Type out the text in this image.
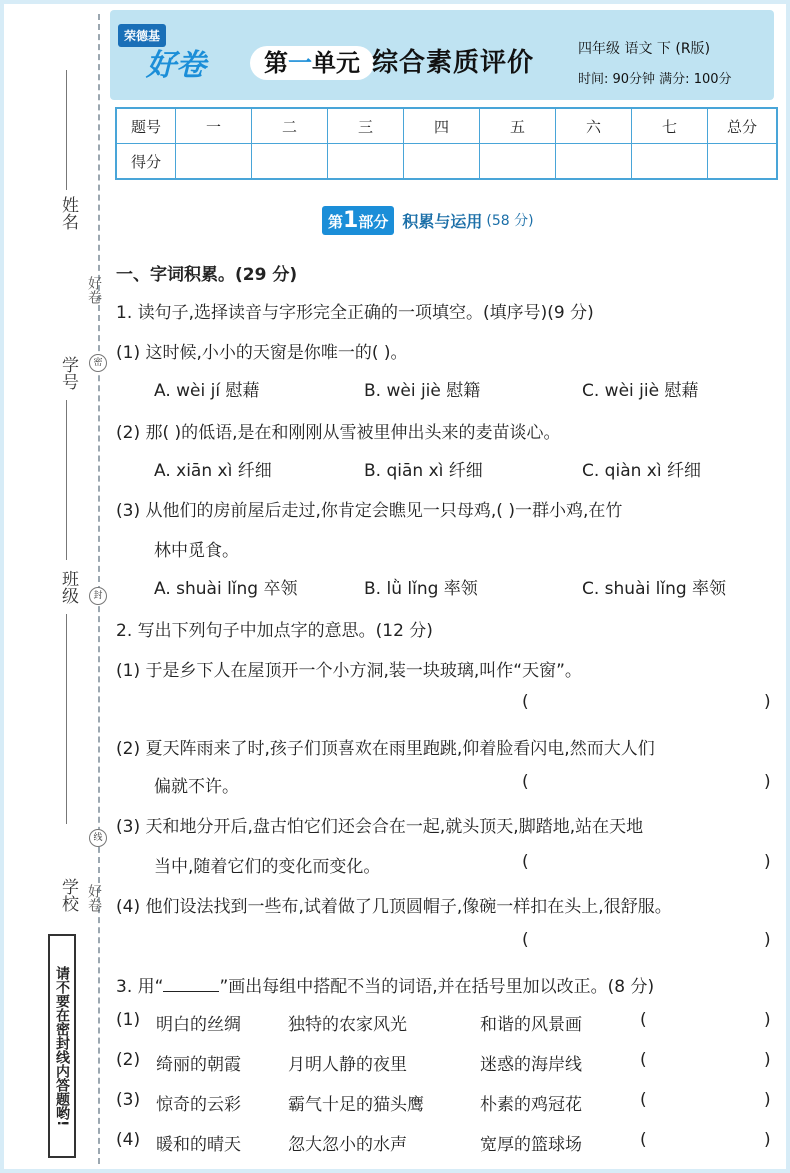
姓名
好卷
密
学号
班级	封
线
学校 好卷
请不要在密封线内答题哟!
荣德基
好卷	第一单元 综合素质评价	四年级 语文 下 (R版)
时间: 90分钟 满分: 100分
题号	一	二	三	四	五	六	七	总分
得分								
第1部分 积累与运用 (58 分)
一、字词积累。(29 分)
1. 读句子,选择读音与字形完全正确的一项填空。(填序号)(9 分)
(1) 这时候,小小的天窗是你唯一的( )。
A. wèi jí 慰藉	B. wèi jiè 慰籍	C. wèi jiè 慰藉
(2) 那( )的低语,是在和刚刚从雪被里伸出头来的麦苗谈心。
A. xiān xì 纤细	B. qiān xì 纤细	C. qiàn xì 纤细
(3) 从他们的房前屋后走过,你肯定会瞧见一只母鸡,( )一群小鸡,在竹
林中觅食。
A. shuài lǐng 卒领	B. lǜ lǐng 率领	C. shuài lǐng 率领
2. 写出下列句子中加点字的意思。(12 分)
(1) 于是乡下人在屋顶开一个小方洞,装一块玻璃,叫作“天窗”。
(	)
(2) 夏天阵雨来了时,孩子们顶喜欢在雨里跑跳,仰着脸看闪电,然而大人们
偏就不许。	(	)
(3) 天和地分开后,盘古怕它们还会合在一起,就头顶天,脚踏地,站在天地
当中,随着它们的变化而变化。	(	)
(4) 他们设法找到一些布,试着做了几顶圆帽子,像碗一样扣在头上,很舒服。
(	)
3. 用“	”画出每组中搭配不当的词语,并在括号里加以改正。(8 分)
(1) 明白的丝绸	独特的农家风光	和谐的风景画	(	)
(2) 绮丽的朝霞	月明人静的夜里	迷惑的海岸线	(	)
(3) 惊奇的云彩	霸气十足的猫头鹰	朴素的鸡冠花	(	)
(4) 暖和的晴天	忽大忽小的水声	宽厚的篮球场	(	)
